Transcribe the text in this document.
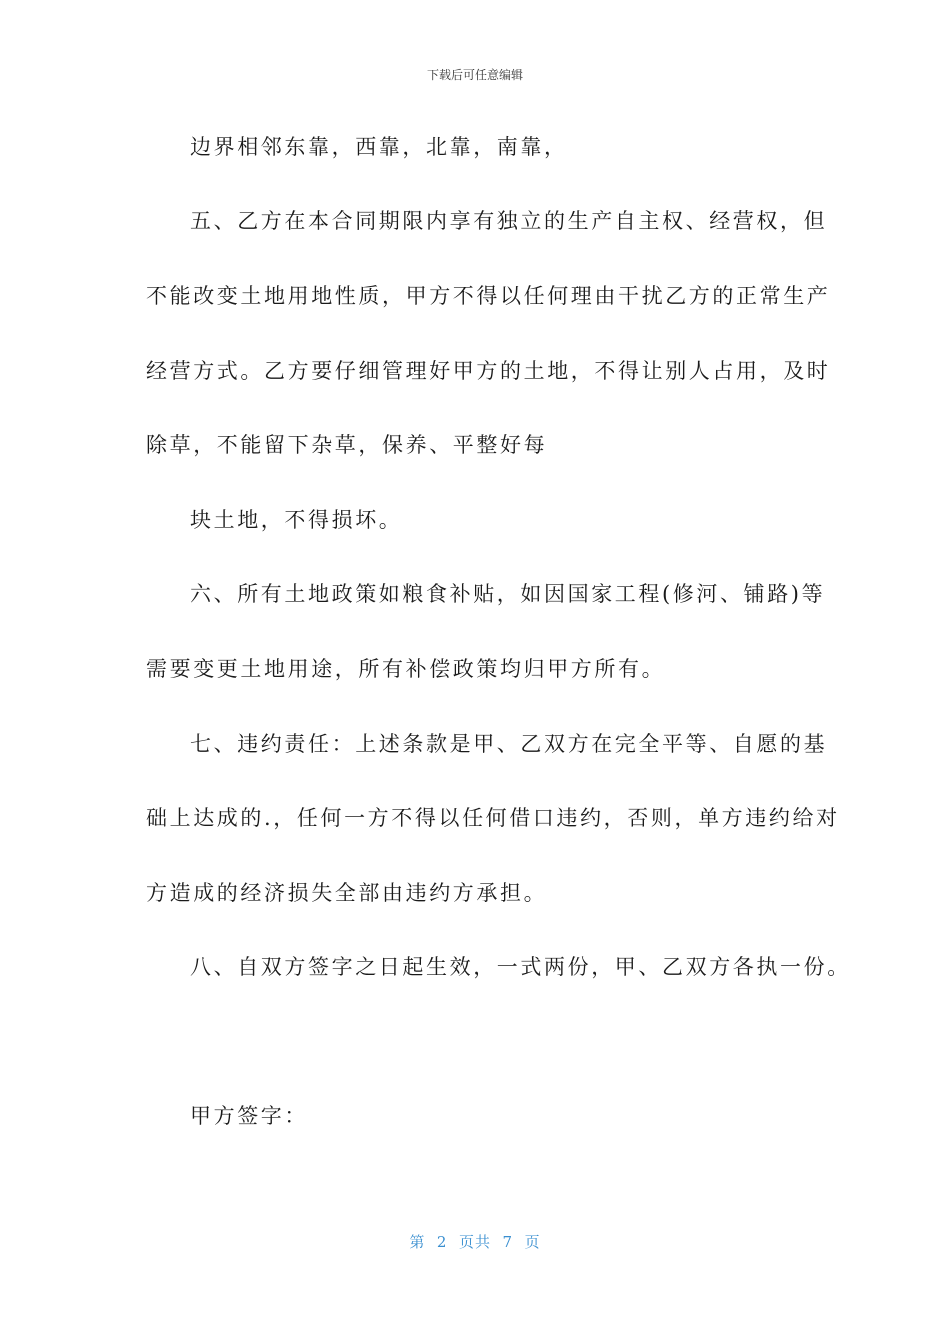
下载后可任意编辑
边界相邻东靠，西靠，北靠，南靠，
五、乙方在本合同期限内享有独立的生产自主权、经营权，但
不能改变土地用地性质，甲方不得以任何理由干扰乙方的正常生产
经营方式。乙方要仔细管理好甲方的土地，不得让别人占用，及时
除草，不能留下杂草，保养、平整好每
块土地，不得损坏。
六、所有土地政策如粮食补贴，如因国家工程(修河、铺路)等
需要变更土地用途，所有补偿政策均归甲方所有。
七、违约责任：上述条款是甲、乙双方在完全平等、自愿的基
础上达成的.，任何一方不得以任何借口违约，否则，单方违约给对
方造成的经济损失全部由违约方承担。
八、自双方签字之日起生效，一式两份，甲、乙双方各执一份。
甲方签字：
第  2  页共  7  页
